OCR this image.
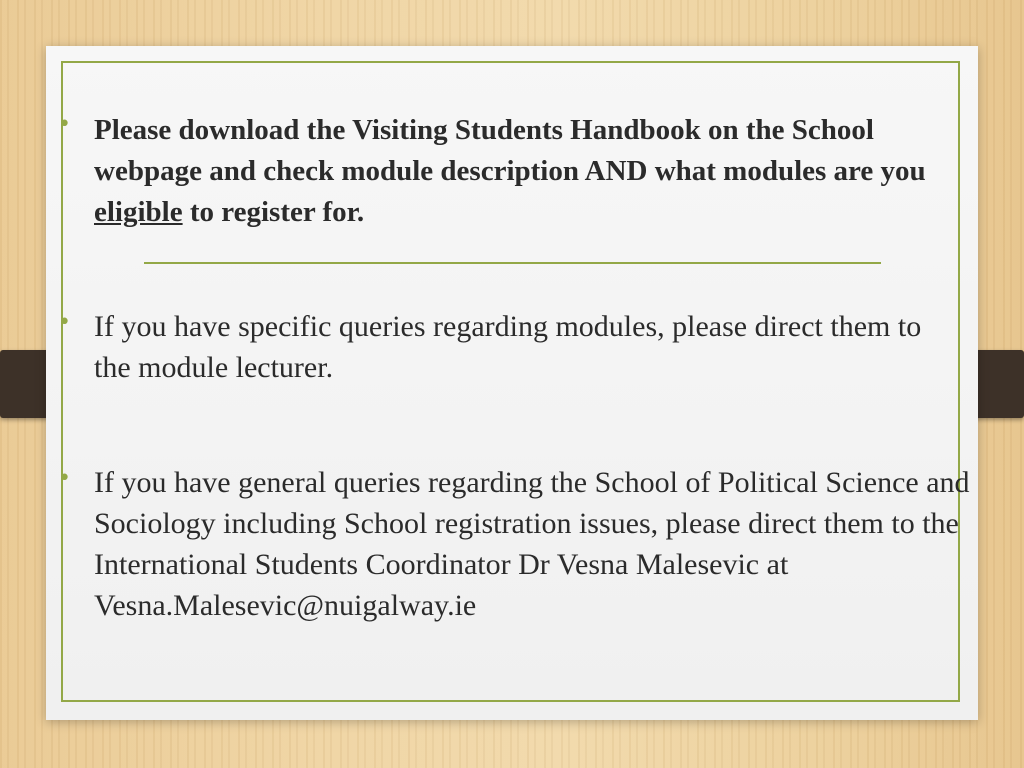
• Please download the Visiting Students Handbook on the School webpage and check module description AND what modules are you eligible to register for.
• If you have specific queries regarding modules, please direct them to the module lecturer.
• If you have general queries regarding the School of Political Science and Sociology including School registration issues, please direct them to the International Students Coordinator Dr Vesna Malesevic at Vesna.Malesevic@nuigalway.ie
